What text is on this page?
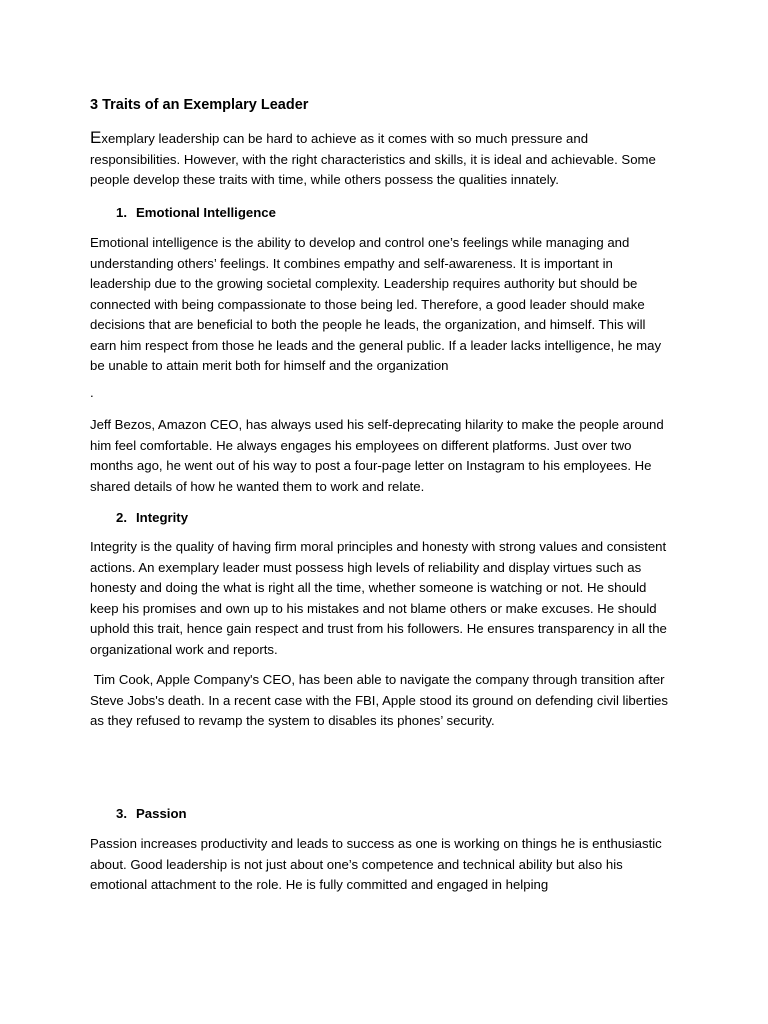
3 Traits of an Exemplary Leader

Exemplary leadership can be hard to achieve as it comes with so much pressure and responsibilities. However, with the right characteristics and skills, it is ideal and achievable. Some people develop these traits with time, while others possess the qualities innately.

1. Emotional Intelligence

Emotional intelligence is the ability to develop and control one’s feelings while managing and understanding others’ feelings. It combines empathy and self-awareness. It is important in leadership due to the growing societal complexity. Leadership requires authority but should be connected with being compassionate to those being led. Therefore, a good leader should make decisions that are beneficial to both the people he leads, the organization, and himself. This will earn him respect from those he leads and the general public. If a leader lacks intelligence, he may be unable to attain merit both for himself and the organization

.

Jeff Bezos, Amazon CEO, has always used his self-deprecating hilarity to make the people around him feel comfortable. He always engages his employees on different platforms. Just over two months ago, he went out of his way to post a four-page letter on Instagram to his employees. He shared details of how he wanted them to work and relate.

2. Integrity

Integrity is the quality of having firm moral principles and honesty with strong values and consistent actions. An exemplary leader must possess high levels of reliability and display virtues such as honesty and doing the what is right all the time, whether someone is watching or not. He should keep his promises and own up to his mistakes and not blame others or make excuses. He should uphold this trait, hence gain respect and trust from his followers. He ensures transparency in all the organizational work and reports.

Tim Cook, Apple Company's CEO, has been able to navigate the company through transition after Steve Jobs's death. In a recent case with the FBI, Apple stood its ground on defending civil liberties as they refused to revamp the system to disables its phones’ security.

3. Passion

Passion increases productivity and leads to success as one is working on things he is enthusiastic about. Good leadership is not just about one’s competence and technical ability but also his emotional attachment to the role. He is fully committed and engaged in helping
